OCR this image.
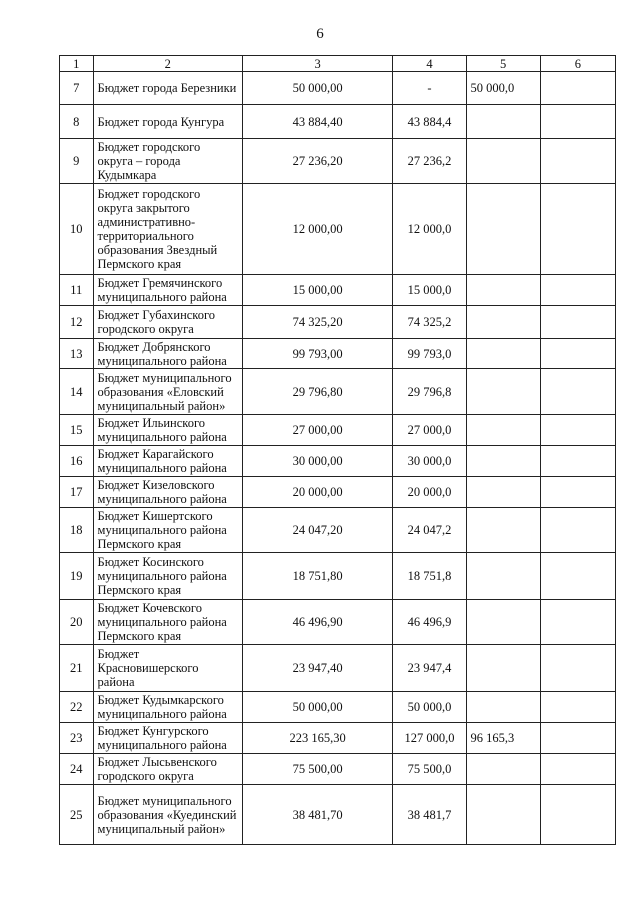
6
1	2	3	4	5	6
7	Бюджет города Березники	50 000,00	-	50 000,0	
8	Бюджет города Кунгура	43 884,40	43 884,4		
9	Бюджет городского округа – города Кудымкара	27 236,20	27 236,2		
10	Бюджет городского округа закрытого административно-территориального образования Звездный Пермского края	12 000,00	12 000,0		
11	Бюджет Гремячинского муниципального района	15 000,00	15 000,0		
12	Бюджет Губахинского городского округа	74 325,20	74 325,2		
13	Бюджет Добрянского муниципального района	99 793,00	99 793,0		
14	Бюджет муниципального образования «Еловский муниципальный район»	29 796,80	29 796,8		
15	Бюджет Ильинского муниципального района	27 000,00	27 000,0		
16	Бюджет Карагайского муниципального района	30 000,00	30 000,0		
17	Бюджет Кизеловского муниципального района	20 000,00	20 000,0		
18	Бюджет Кишертского муниципального района Пермского края	24 047,20	24 047,2		
19	Бюджет Косинского муниципального района Пермского края	18 751,80	18 751,8		
20	Бюджет Кочевского муниципального района Пермского края	46 496,90	46 496,9		
21	Бюджет Красновишерского района	23 947,40	23 947,4		
22	Бюджет Кудымкарского муниципального района	50 000,00	50 000,0		
23	Бюджет Кунгурского муниципального района	223 165,30	127 000,0	96 165,3	
24	Бюджет Лысьвенского городского округа	75 500,00	75 500,0		
25	Бюджет муниципального образования «Куединский муниципальный район»	38 481,70	38 481,7		
